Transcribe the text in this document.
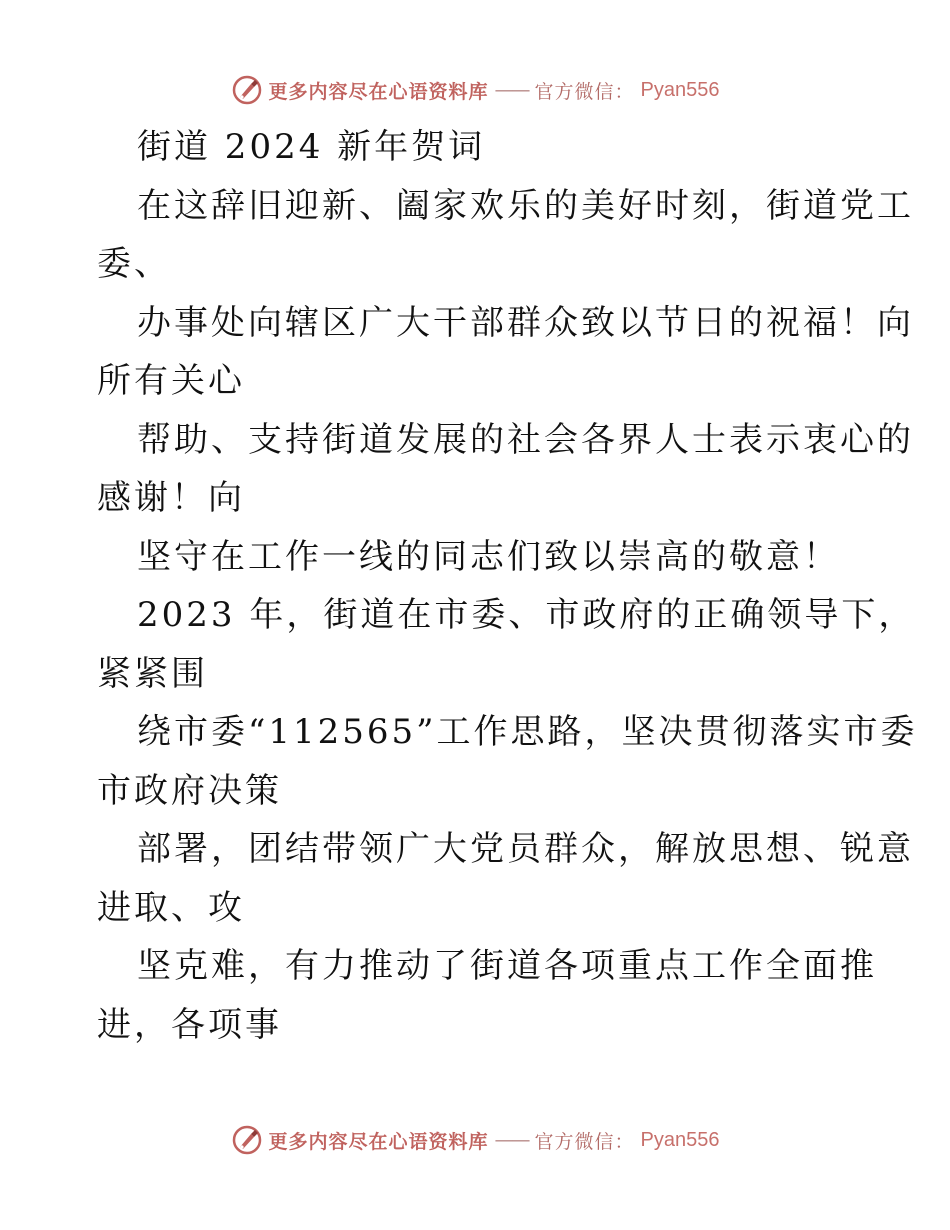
更多内容尽在心语资料库 —— 官方微信： Pyan556
街道 2024 新年贺词
在这辞旧迎新、阖家欢乐的美好时刻，街道党工
委、
办事处向辖区广大干部群众致以节日的祝福！向
所有关心
帮助、支持街道发展的社会各界人士表示衷心的
感谢！向
坚守在工作一线的同志们致以崇高的敬意！
2023 年，街道在市委、市政府的正确领导下，
紧紧围
绕市委“112565”工作思路，坚决贯彻落实市委
市政府决策
部署，团结带领广大党员群众，解放思想、锐意
进取、攻
坚克难，有力推动了街道各项重点工作全面推
进，各项事
更多内容尽在心语资料库 —— 官方微信： Pyan556
